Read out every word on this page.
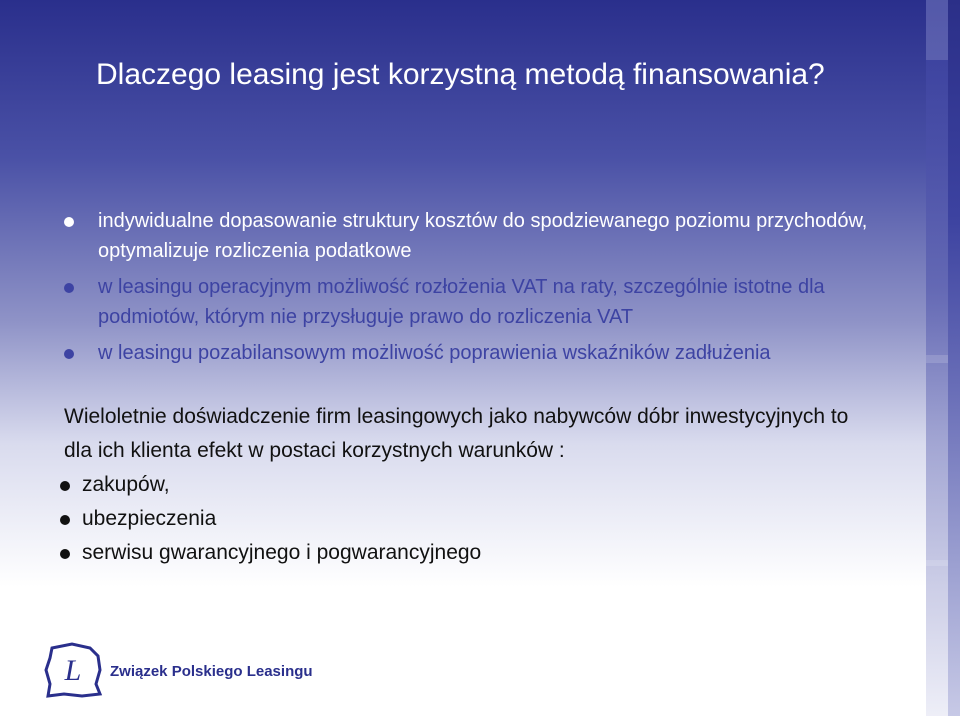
Dlaczego leasing jest korzystną metodą finansowania?
indywidualne dopasowanie struktury kosztów do spodziewanego poziomu przychodów, optymalizuje rozliczenia podatkowe
w leasingu operacyjnym możliwość rozłożenia VAT na raty, szczególnie istotne dla podmiotów, którym nie przysługuje prawo do rozliczenia VAT
w leasingu pozabilansowym możliwość poprawienia wskaźników zadłużenia
Wieloletnie doświadczenie firm leasingowych jako nabywców dóbr inwestycyjnych to dla ich klienta efekt w postaci korzystnych warunków :
zakupów,
ubezpieczenia
serwisu gwarancyjnego i pogwarancyjnego
L Związek Polskiego Leasingu
